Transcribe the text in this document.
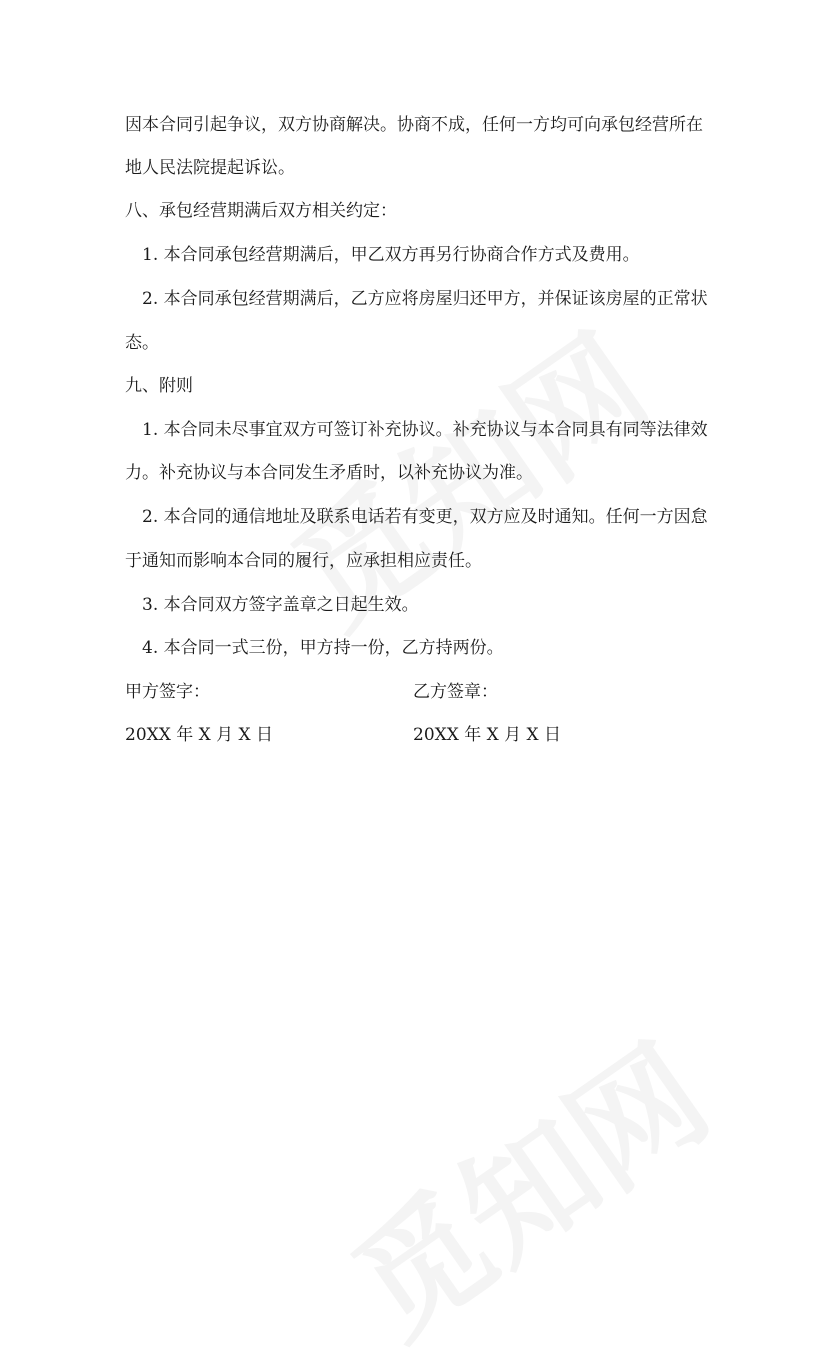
因本合同引起争议，双方协商解决。协商不成，任何一方均可向承包经营所在
地人民法院提起诉讼。
八、承包经营期满后双方相关约定：
1. 本合同承包经营期满后，甲乙双方再另行协商合作方式及费用。
2. 本合同承包经营期满后，乙方应将房屋归还甲方，并保证该房屋的正常状
态。
九、附则
1. 本合同未尽事宜双方可签订补充协议。补充协议与本合同具有同等法律效
力。补充协议与本合同发生矛盾时，以补充协议为准。
2. 本合同的通信地址及联系电话若有变更，双方应及时通知。任何一方因怠
于通知而影响本合同的履行，应承担相应责任。
3. 本合同双方签字盖章之日起生效。
4. 本合同一式三份，甲方持一份，乙方持两份。
甲方签字：	乙方签章：
20XX 年 X 月 X 日	20XX 年 X 月 X 日
